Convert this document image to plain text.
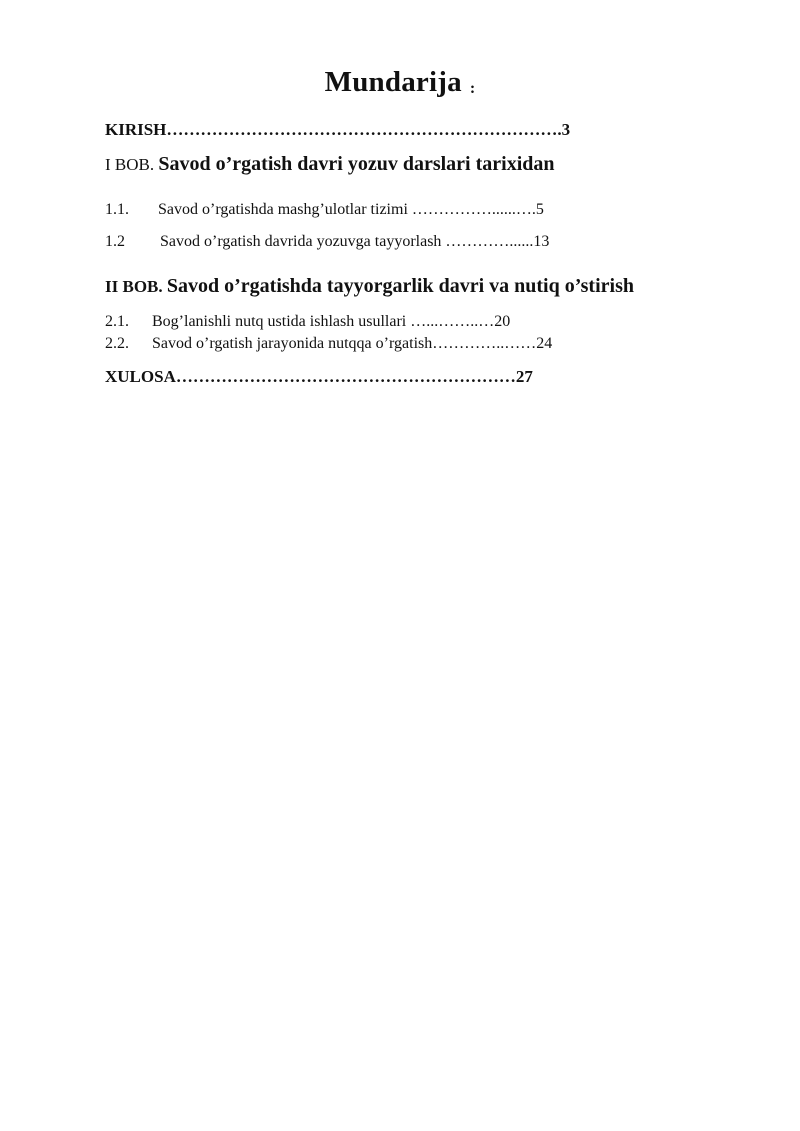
Mundarija :
KIRISH…………………………………………………………….3
I BOB. Savod o’rgatish davri yozuv darslari tarixidan
1.1. Savod o’rgatishda mashg’ulotlar tizimi ……………......….5
1.2 Savod o’rgatish davrida yozuvga tayyorlash …………......13
II BOB. Savod o’rgatishda tayyorgarlik davri va nutiq o’stirish
2.1. Bog’lanishli nutq ustida ishlash usullari …...……..…20
2.2. Savod o’rgatish jarayonida nutqqa o’rgatish…………..……24
XULOSA……………………………………………………27
